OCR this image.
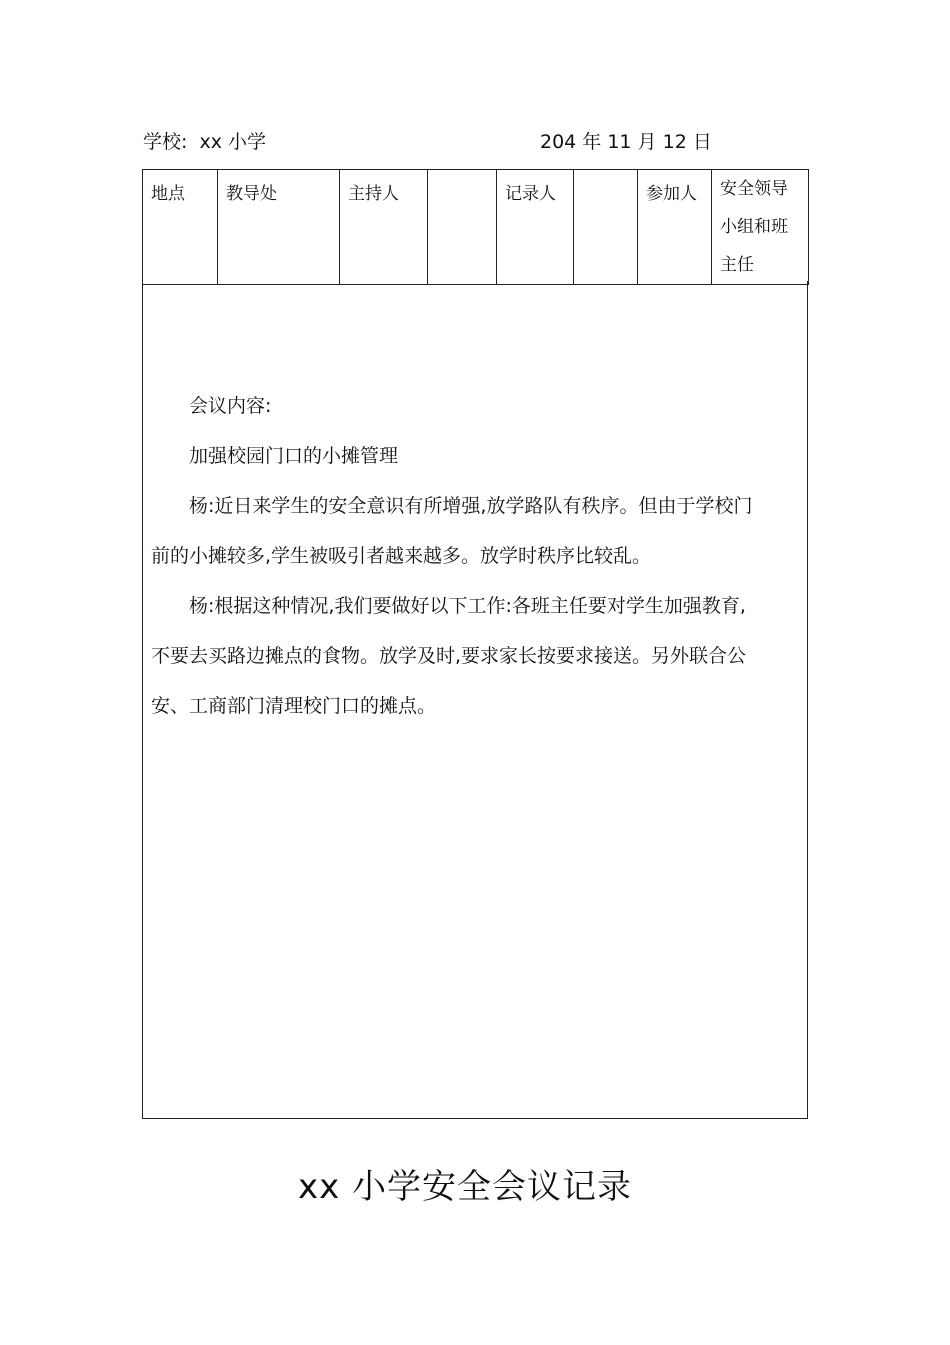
学校: xx 小学	204 年 11 月 12 日
地点	教导处	主持人		记录人		参加人	安全领导小组和班主任

会议内容:

加强校园门口的小摊管理

杨:近日来学生的安全意识有所增强,放学路队有秩序。但由于学校门前的小摊较多,学生被吸引者越来越多。放学时秩序比较乱。

杨:根据这种情况,我们要做好以下工作:各班主任要对学生加强教育,不要去买路边摊点的食物。放学及时,要求家长按要求接送。另外联合公安、工商部门清理校门口的摊点。

xx 小学安全会议记录
